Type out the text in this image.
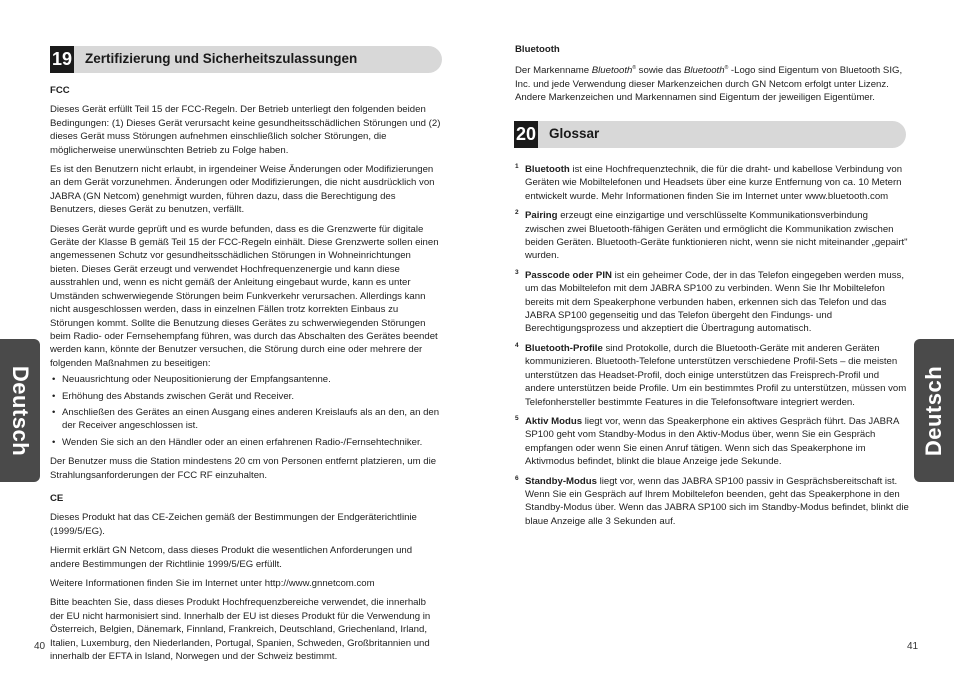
19 Zertifizierung und Sicherheitszulassungen

FCC

Dieses Gerät erfüllt Teil 15 der FCC-Regeln. Der Betrieb unterliegt den folgenden beiden Bedingungen: (1) Dieses Gerät verursacht keine gesundheitsschädlichen Störungen und (2) dieses Gerät muss Störungen aufnehmen einschließlich solcher Störungen, die möglicherweise unerwünschten Betrieb zu Folge haben.

Es ist den Benutzern nicht erlaubt, in irgendeiner Weise Änderungen oder Modifizierungen an dem Gerät vorzunehmen. Änderungen oder Modifizierungen, die nicht ausdrücklich von JABRA (GN Netcom) genehmigt wurden, führen dazu, dass die Berechtigung des Benutzers, dieses Gerät zu benutzen, verfällt.

Dieses Gerät wurde geprüft und es wurde befunden, dass es die Grenzwerte für digitale Geräte der Klasse B gemäß Teil 15 der FCC-Regeln einhält. Diese Grenzwerte sollen einen angemessenen Schutz vor gesundheitsschädlichen Störungen in Wohneinrichtungen bieten. Dieses Gerät erzeugt und verwendet Hochfrequenzenergie und kann diese ausstrahlen und, wenn es nicht gemäß der Anleitung eingebaut wurde, kann es unter Umständen schwerwiegende Störungen beim Funkverkehr verursachen. Allerdings kann nicht ausgeschlossen werden, dass in einzelnen Fällen trotz korrekten Einbaus zu Störungen kommt. Sollte die Benutzung dieses Gerätes zu schwerwiegenden Störungen beim Radio- oder Fernsehempfang führen, was durch das Abschalten des Gerätes beendet werden kann, könnte der Benutzer versuchen, die Störung durch eine oder mehrere der folgenden Maßnahmen zu beseitigen:

• Neuausrichtung oder Neupositionierung der Empfangsantenne.
• Erhöhung des Abstands zwischen Gerät und Receiver.
• Anschließen des Gerätes an einen Ausgang eines anderen Kreislaufs als an den, an den der Receiver angeschlossen ist.
• Wenden Sie sich an den Händler oder an einen erfahrenen Radio-/Fernsehtechniker.

Der Benutzer muss die Station mindestens 20 cm von Personen entfernt platzieren, um die Strahlungsanforderungen der FCC RF einzuhalten.

CE

Dieses Produkt hat das CE-Zeichen gemäß der Bestimmungen der Endgeräterichtlinie (1999/5/EG).

Hiermit erklärt GN Netcom, dass dieses Produkt die wesentlichen Anforderungen und andere Bestimmungen der Richtlinie 1999/5/EG erfüllt.

Weitere Informationen finden Sie im Internet unter http://www.gnnetcom.com

Bitte beachten Sie, dass dieses Produkt Hochfrequenzbereiche verwendet, die innerhalb der EU nicht harmonisiert sind. Innerhalb der EU ist dieses Produkt für die Verwendung in Österreich, Belgien, Dänemark, Finnland, Frankreich, Deutschland, Griechenland, Irland, Italien, Luxemburg, den Niederlanden, Portugal, Spanien, Schweden, Großbritannien und innerhalb der EFTA in Island, Norwegen und der Schweiz bestimmt.

Deutsch
40

Bluetooth

Der Markenname Bluetooth® sowie das Bluetooth® -Logo sind Eigentum von Bluetooth SIG, Inc. und jede Verwendung dieser Markenzeichen durch GN Netcom erfolgt unter Lizenz. Andere Markenzeichen und Markennamen sind Eigentum der jeweiligen Eigentümer.

20 Glossar
1 Bluetooth ist eine Hochfrequenztechnik, die für die draht- und kabellose Verbindung von Geräten wie Mobiltelefonen und Headsets über eine kurze Entfernung von ca. 10 Metern entwickelt wurde. Mehr Informationen finden Sie im Internet unter www.bluetooth.com
2 Pairing erzeugt eine einzigartige und verschlüsselte Kommunikationsverbindung zwischen zwei Bluetooth-fähigen Geräten und ermöglicht die Kommunikation zwischen beiden Geräten. Bluetooth-Geräte funktionieren nicht, wenn sie nicht miteinander „gepairt" wurden.
3 Passcode oder PIN ist ein geheimer Code, der in das Telefon eingegeben werden muss, um das Mobiltelefon mit dem JABRA SP100 zu verbinden. Wenn Sie Ihr Mobiltelefon bereits mit dem Speakerphone verbunden haben, erkennen sich das Telefon und das JABRA SP100 gegenseitig und das Telefon übergeht den Findungs- und Berechtigungsprozess und akzeptiert die Übertragung automatisch.
4 Bluetooth-Profile sind Protokolle, durch die Bluetooth-Geräte mit anderen Geräten kommunizieren. Bluetooth-Telefone unterstützen verschiedene Profil-Sets – die meisten unterstützen das Headset-Profil, doch einige unterstützen das Freisprech-Profil und andere unterstützen beide Profile. Um ein bestimmtes Profil zu unterstützen, müssen vom Telefonhersteller bestimmte Features in die Telefonsoftware integriert werden.
5 Aktiv Modus liegt vor, wenn das Speakerphone ein aktives Gespräch führt. Das JABRA SP100 geht vom Standby-Modus in den Aktiv-Modus über, wenn Sie ein Gespräch empfangen oder wenn Sie einen Anruf tätigen. Wenn sich das Speakerphone im Aktivmodus befindet, blinkt die blaue Anzeige jede Sekunde.
6 Standby-Modus liegt vor, wenn das JABRA SP100 passiv in Gesprächsbereitschaft ist. Wenn Sie ein Gespräch auf Ihrem Mobiltelefon beenden, geht das Speakerphone in den Standby-Modus über. Wenn das JABRA SP100 sich im Standby-Modus befindet, blinkt die blaue Anzeige alle 3 Sekunden auf.
Deutsch
41
